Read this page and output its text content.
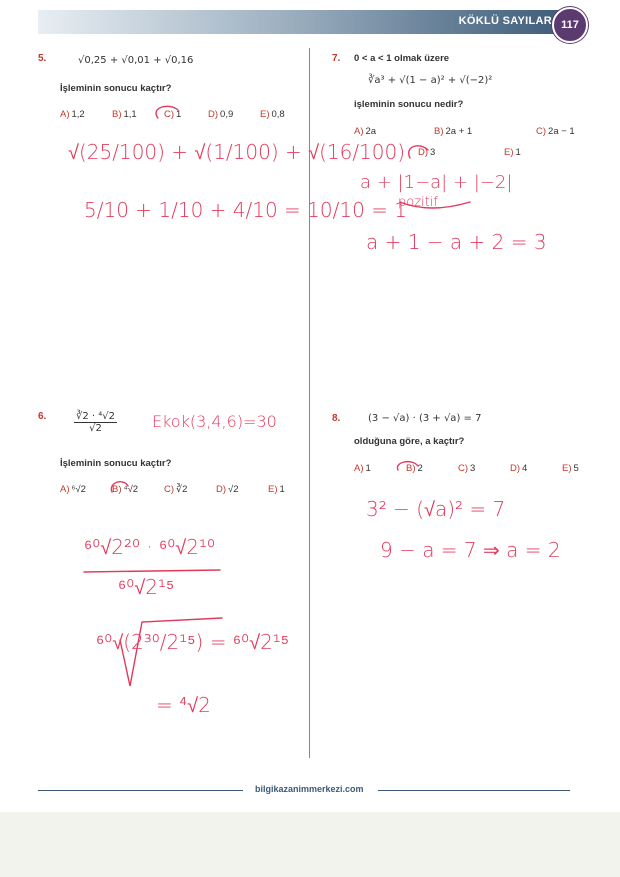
KÖKLÜ SAYILAR 117
5.	√0,25 + √0,01 + √0,16
İşleminin sonucu kaçtır?
A) 1,2	B) 1,1	C) 1	D) 0,9	E) 0,8
√(25/100) + √(1/100) + √(16/100)
5/10 + 1/10 + 4/10 = 10/10 = 1
7. 0 < a < 1 olmak üzere
∛a³ + √(1 − a)² + √(−2)²
işleminin sonucu nedir?
A) 2a	B) 2a + 1	C) 2a − 1
D) 3	E) 1
a + |1−a| + |−2|
pozitif
a + 1 − a + 2 = 3
6.	$\frac{\text{∛2 · ⁴√2}}{√2}$
İşleminin sonucu kaçtır?
A) ⁶√2	B) ⁴√2	C) ∛2	D) √2	E) 1
Ekok(3,4,6)=30
⁶⁰√2²⁰ · ⁶⁰√2¹⁰
⁶⁰√2¹⁵
⁶⁰√(2³⁰/2¹⁵) = ⁶⁰√2¹⁵
= ⁴√2
8.	(3 − √a) · (3 + √a) = 7
olduğuna göre, a kaçtır?
A) 1	B) 2	C) 3	D) 4	E) 5
3² − (√a)² = 7
9 − a = 7 ⇒ a = 2
bilgikazanimmerkezi.com
